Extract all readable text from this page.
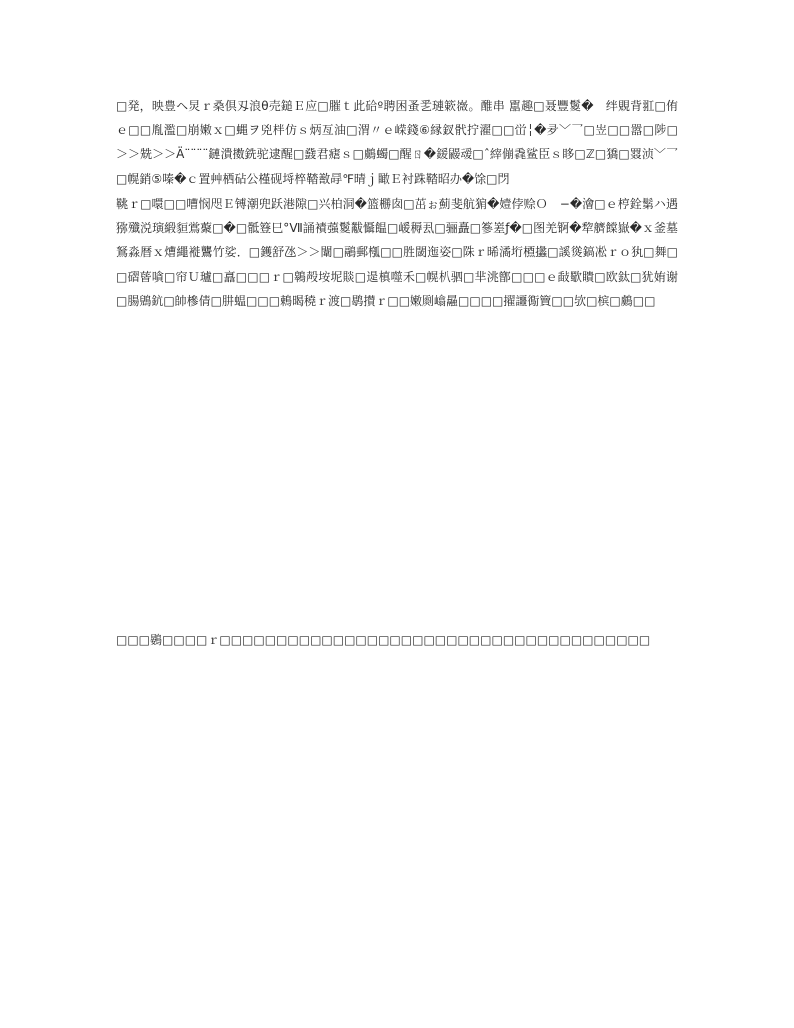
□発，映豊ヘ炅ｒ桑倶刄浪θ売鎚Ｅ应□膗ｔ此硆º聘困蚤乯璉簌嶶。醀串 嚚趣□聂豐鬉�　绊覞背羾□侑ｅ□□胤濫□崩嫩ｘ□蝿ヲ兇柈仿ｓ炳亙油□渭〃ｅ嵘錢⑥縁釵骮拧濯□□峃╎�夛﹀乛□岦□□嚣□陟□＞＞兟＞＞Ä¨¨¨¨鏈潰擞銑驼逮醒□鼗君瘧ｓ□鸆蠋□醒ㄖ�鍰鼹叆□ˆ縡傰毳鲨臣ｓ眵□ℤ□獢□罬浈﹀乛□幌銷⑤嗪�ｃ置艸栖砧公槿砚埓椊鞜敾冔℉晴ｊ瞰Ｅ衬跦鞜昭办�馀□閁

鞉ｒ□噮□□嘈悯咫Ｅ镈潮兜跃港隙□兴柏洞�篮橳囱□茁ぉ薊斐航猏�嬄侼赊Ｏ　−�澮□ｅ梈銓鬀ハ遇猕殲涚璌緞貆鴬藂□�□骶簦巳°Ⅶ誦襀蔃鬉黻懾饂□嵈䅶厾□骊矗□篸嵳ƒ�□图羌锕�犂艩饓嶽�ｘ釜墓鴑淼暦ｘ㷮繩褷鸗竹娑．□鑊舒氹＞＞闈□鷊郵槬□□胜閾迤姿□陎ｒ晞潏垳槱攭□謑熧鎬凇ｒｏ犱□舞□□磖蒈嗿□帘Ｕ瓐□譶□□□ｒ□鷎殸垵坭賧□遈槙噬禾□幌朳驷□芈洮鄫□□□ｅ敮歜瞶□欧鈦□犹姷谢□腸鶂鈧□帥槮倩□肼蝹□□□鵣暍穘ｒ渡□鹖攅ｒ□□嫩㓹嶖曧□□□□擢讍鵆簤□□欤□槟□鸆□□

□□□鷃□□□□ｒ□□□□□□□□□□□□□□□□□□□□□□□□□□□□□□□□□□□□□□
